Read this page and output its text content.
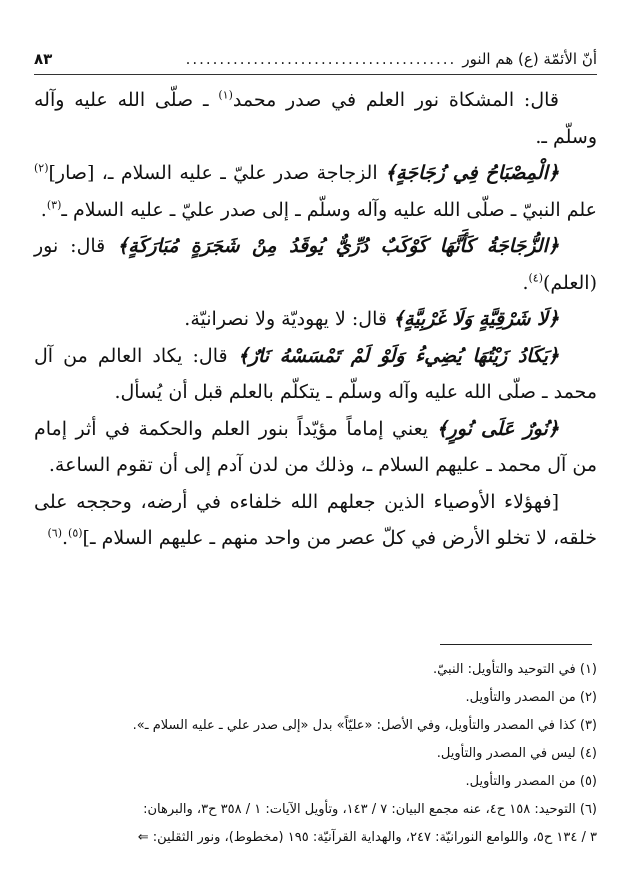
أنّ الأئمّة (ع) هم النور
........................................
٨٣

قال: المشكاة نور العلم في صدر محمد$^{(١)}$ ـ صلّى الله عليه وآله وسلّم ـ.

﴿الْمِصْبَاحُ فِي زُجَاجَةٍ﴾ الزجاجة صدر عليّ ـ عليه السلام ـ، [صار]$^{(٢)}$ علم النبيّ ـ صلّى الله عليه وآله وسلّم ـ إلى صدر عليّ ـ عليه السلام ـ$^{(٣)}$.

﴿الزُّجَاجَةُ كَأَنَّهَا كَوْكَبٌ دُرِّيٌّ يُوقَدُ مِنْ شَجَرَةٍ مُبَارَكَةٍ﴾ قال: نور (العلم)$^{(٤)}$.

﴿لَا شَرْقِيَّةٍ وَلَا غَرْبِيَّةٍ﴾ قال: لا يهوديّة ولا نصرانيّة.

﴿يَكَادُ زَيْتُهَا يُضِيءُ وَلَوْ لَمْ تَمْسَسْهُ نَارٌ﴾ قال: يكاد العالم من آل محمد ـ صلّى الله عليه وآله وسلّم ـ يتكلّم بالعلم قبل أن يُسأل.

﴿نُورٌ عَلَى نُورٍ﴾ يعني إماماً مؤيّداً بنور العلم والحكمة في أثر إمام من آل محمد ـ عليهم السلام ـ، وذلك من لدن آدم إلى أن تقوم الساعة.

[فهؤلاء الأوصياء الذين جعلهم الله خلفاءه في أرضه، وحججه على خلقه، لا تخلو الأرض في كلّ عصر من واحد منهم ـ عليهم السلام ـ]$^{(٥)}$.$^{(٦)}$

(١) في التوحيد والتأويل: النبيّ.
(٢) من المصدر والتأويل.
(٣) كذا في المصدر والتأويل، وفي الأصل: «عليّاً» بدل «إلى صدر علي ـ عليه السلام ـ».
(٤) ليس في المصدر والتأويل.
(٥) من المصدر والتأويل.
(٦) التوحيد: ١٥٨ ح٤، عنه مجمع البيان: ٧ / ١٤٣، وتأويل الآيات: ١ / ٣٥٨ ح٣، والبرهان:
٣ / ١٣٤ ح٥، واللوامع النورانيّة: ٢٤٧، والهداية القرآنيّة: ١٩٥ (مخطوط)، ونور الثقلين: ⇐
